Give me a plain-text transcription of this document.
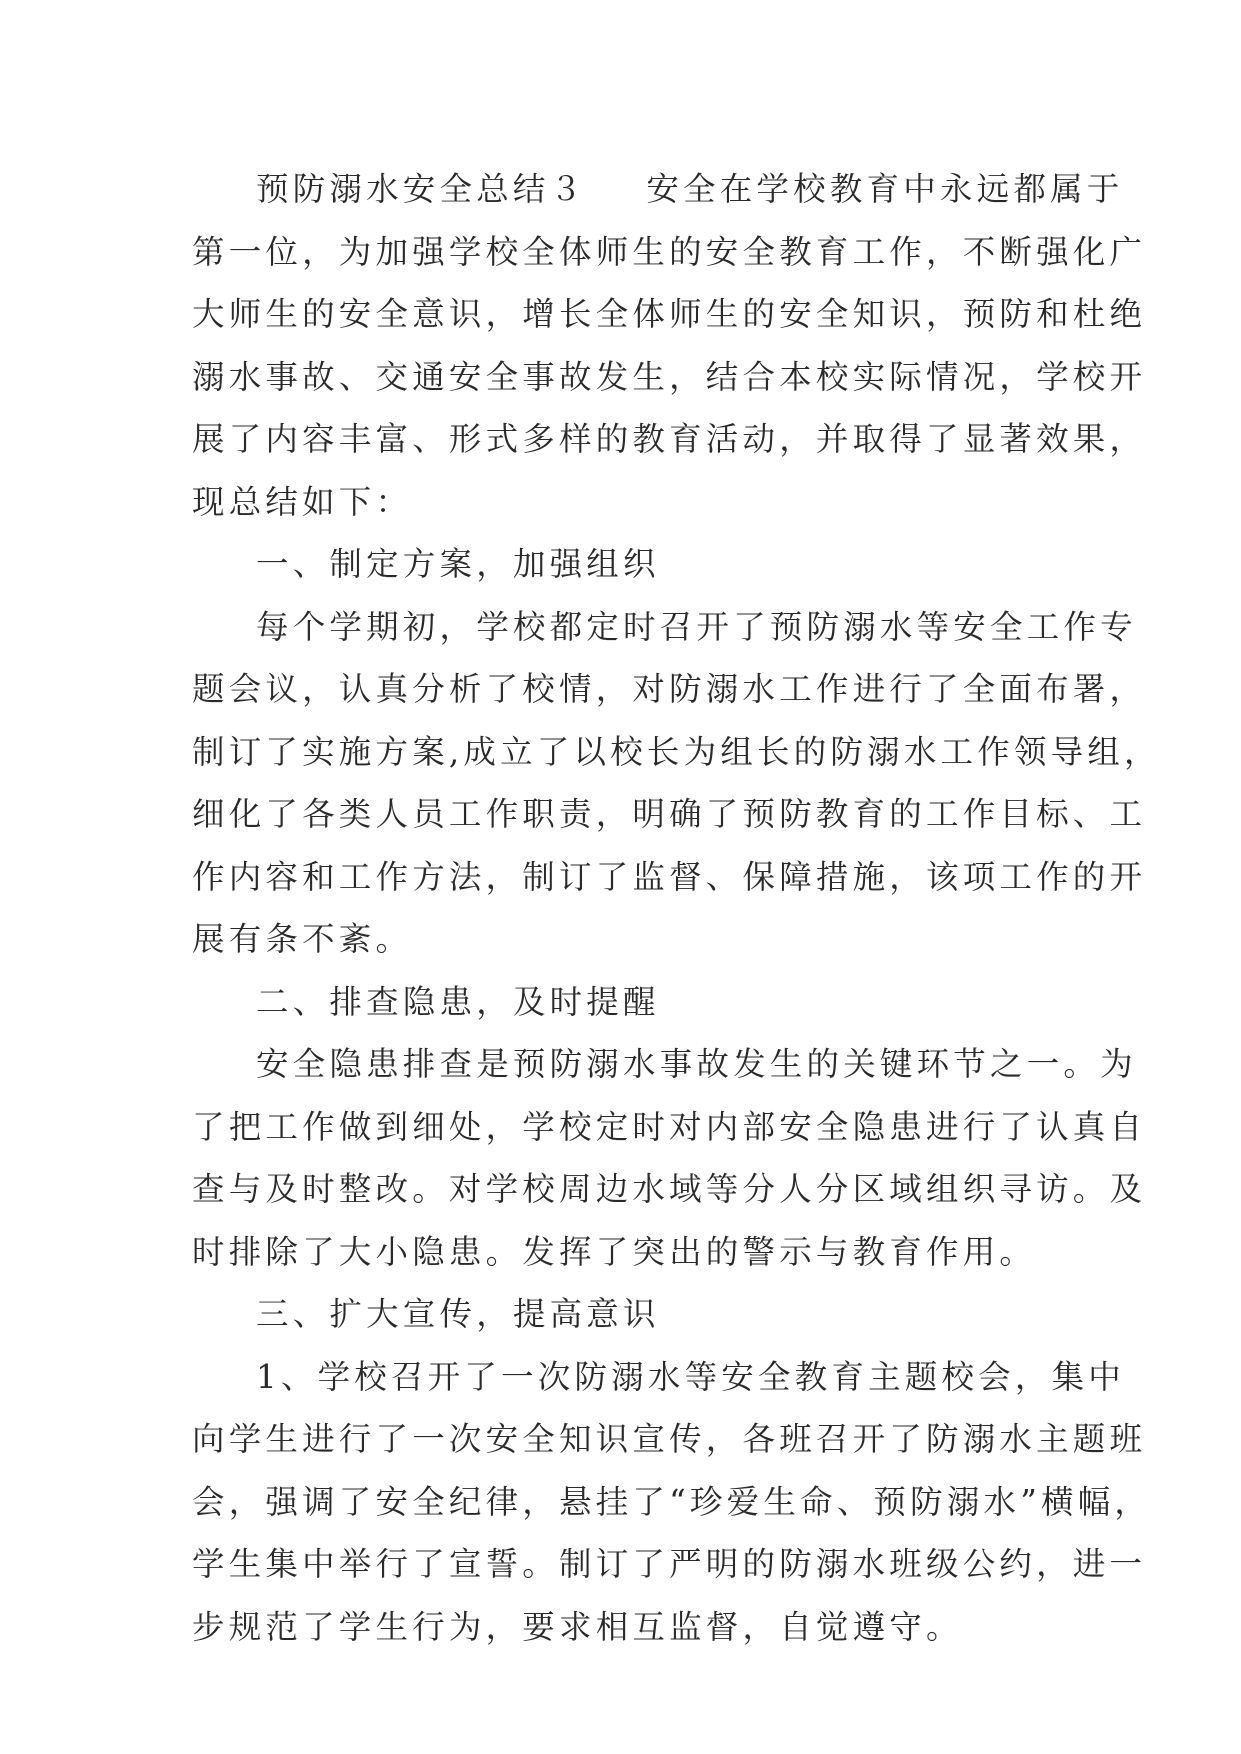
预防溺水安全总结３ 安全在学校教育中永远都属于
第一位，为加强学校全体师生的安全教育工作，不断强化广
大师生的安全意识，增长全体师生的安全知识，预防和杜绝
溺水事故、交通安全事故发生，结合本校实际情况，学校开
展了内容丰富、形式多样的教育活动，并取得了显著效果，
现总结如下：
一、制定方案，加强组织
每个学期初，学校都定时召开了预防溺水等安全工作专
题会议，认真分析了校情，对防溺水工作进行了全面布署，
制订了实施方案,成立了以校长为组长的防溺水工作领导组，
细化了各类人员工作职责，明确了预防教育的工作目标、工
作内容和工作方法，制订了监督、保障措施，该项工作的开
展有条不紊。
二、排查隐患，及时提醒
安全隐患排查是预防溺水事故发生的关键环节之一。为
了把工作做到细处，学校定时对内部安全隐患进行了认真自
查与及时整改。对学校周边水域等分人分区域组织寻访。及
时排除了大小隐患。发挥了突出的警示与教育作用。
三、扩大宣传，提高意识
1、学校召开了一次防溺水等安全教育主题校会，集中
向学生进行了一次安全知识宣传，各班召开了防溺水主题班
会，强调了安全纪律，悬挂了“珍爱生命、预防溺水”横幅，
学生集中举行了宣誓。制订了严明的防溺水班级公约，进一
步规范了学生行为，要求相互监督，自觉遵守。
